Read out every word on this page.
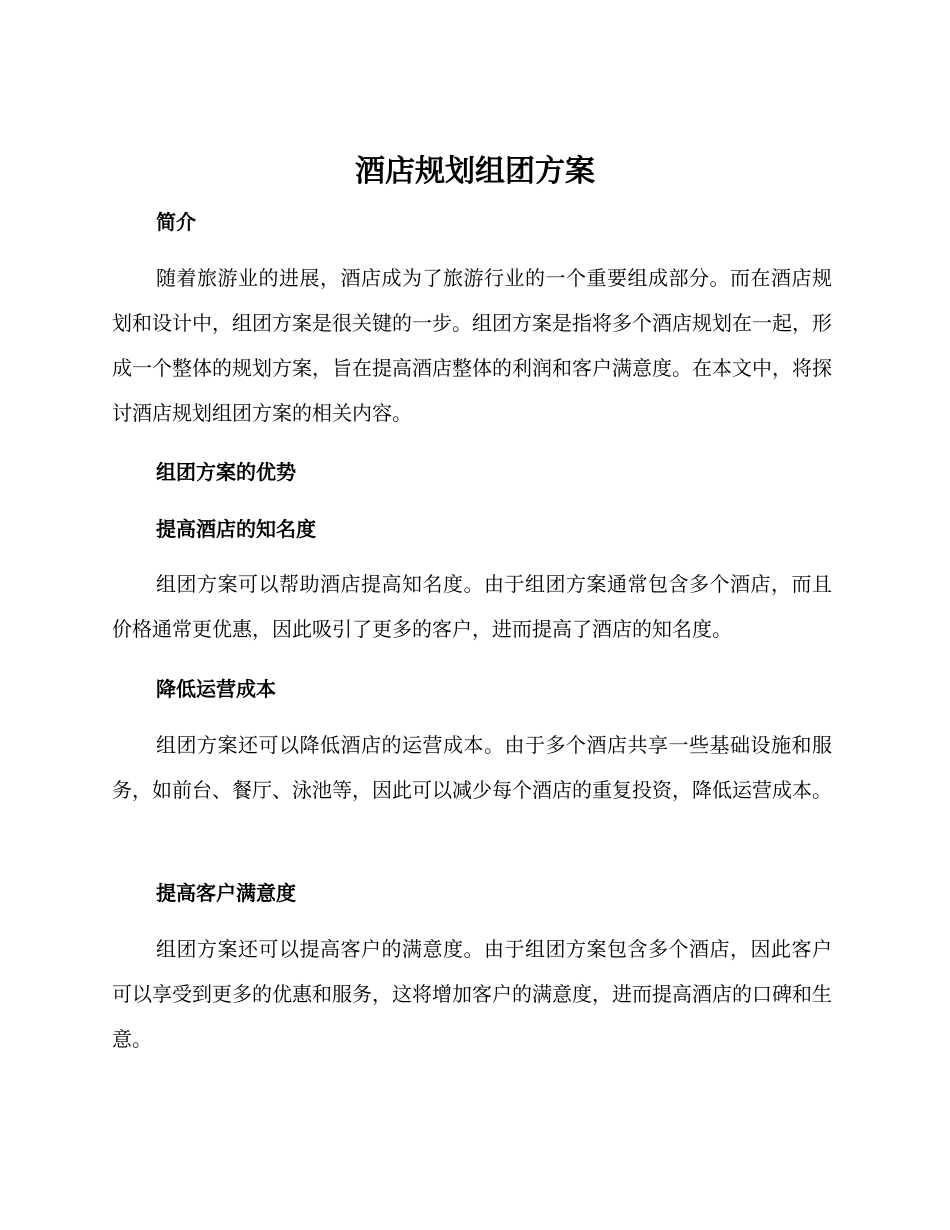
酒店规划组团方案
简介

随着旅游业的进展，酒店成为了旅游行业的一个重要组成部分。而在酒店规划和设计中，组团方案是很关键的一步。组团方案是指将多个酒店规划在一起，形成一个整体的规划方案，旨在提高酒店整体的利润和客户满意度。在本文中，将探讨酒店规划组团方案的相关内容。

组团方案的优势
提高酒店的知名度

组团方案可以帮助酒店提高知名度。由于组团方案通常包含多个酒店，而且价格通常更优惠，因此吸引了更多的客户，进而提高了酒店的知名度。

降低运营成本

组团方案还可以降低酒店的运营成本。由于多个酒店共享一些基础设施和服务，如前台、餐厅、泳池等，因此可以减少每个酒店的重复投资，降低运营成本。

提高客户满意度

组团方案还可以提高客户的满意度。由于组团方案包含多个酒店，因此客户可以享受到更多的优惠和服务，这将增加客户的满意度，进而提高酒店的口碑和生意。
